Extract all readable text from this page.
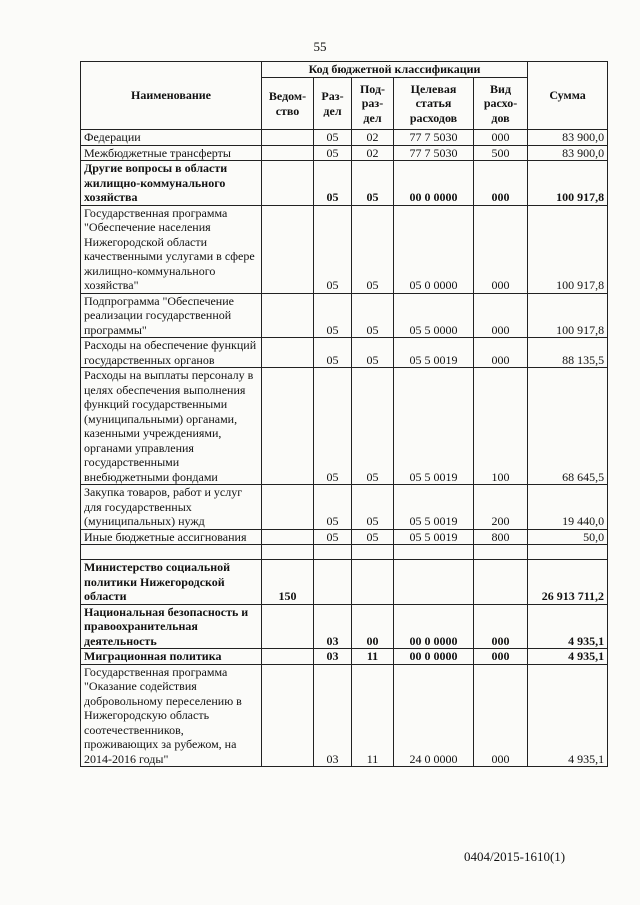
55
Наименование	Код бюджетной классификации					Сумма
	Ведом-ство	Раз-дел	Под-раз-дел	Целевая статья расходов	Вид расхо-дов	
Федерации		05	02	77 7 5030	000	83 900,0
Межбюджетные трансферты		05	02	77 7 5030	500	83 900,0
Другие вопросы в области жилищно-коммунального хозяйства		05	05	00 0 0000	000	100 917,8
Государственная программа "Обеспечение населения Нижегородской области качественными услугами в сфере жилищно-коммунального хозяйства"		05	05	05 0 0000	000	100 917,8
Подпрограмма "Обеспечение реализации государственной программы"		05	05	05 5 0000	000	100 917,8
Расходы на обеспечение функций государственных органов		05	05	05 5 0019	000	88 135,5
Расходы на выплаты персоналу в целях обеспечения выполнения функций государственными (муниципальными) органами, казенными учреждениями, органами управления государственными внебюджетными фондами		05	05	05 5 0019	100	68 645,5
Закупка товаров, работ и услуг для государственных (муниципальных) нужд		05	05	05 5 0019	200	19 440,0
Иные бюджетные ассигнования		05	05	05 5 0019	800	50,0

Министерство социальной политики Нижегородской области	150					26 913 711,2
Национальная безопасность и правоохранительная деятельность		03	00	00 0 0000	000	4 935,1
Миграционная политика		03	11	00 0 0000	000	4 935,1
Государственная программа "Оказание содействия добровольному переселению в Нижегородскую область соотечественников, проживающих за рубежом, на 2014-2016 годы"		03	11	24 0 0000	000	4 935,1
0404/2015-1610(1)
